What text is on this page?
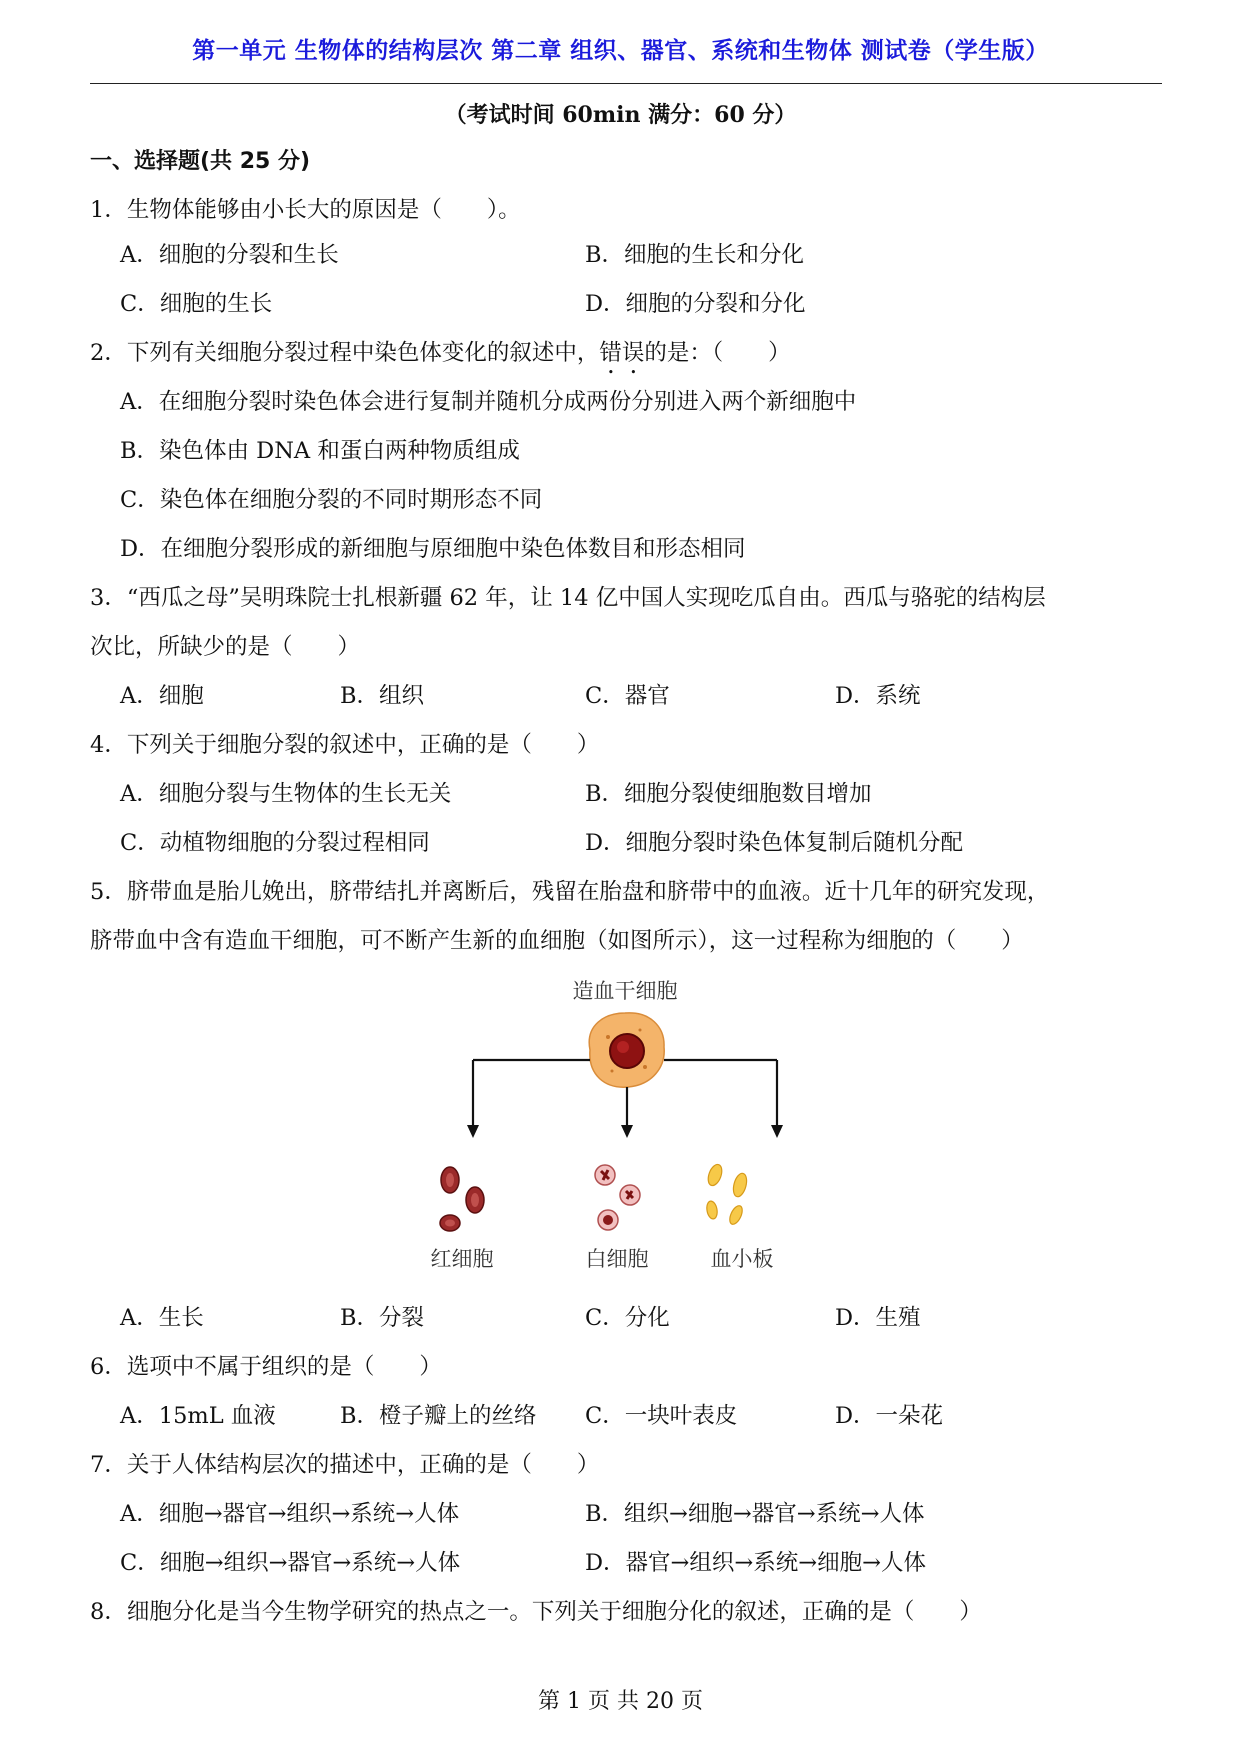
第一单元 生物体的结构层次 第二章 组织、器官、系统和生物体 测试卷（学生版）
（考试时间 60min 满分：60 分）
一、选择题(共 25 分)
1．生物体能够由小长大的原因是（　　）。
A．细胞的分裂和生长	B．细胞的生长和分化
C．细胞的生长	D．细胞的分裂和分化
2．下列有关细胞分裂过程中染色体变化的叙述中，错误的是：（　　）
A．在细胞分裂时染色体会进行复制并随机分成两份分别进入两个新细胞中
B．染色体由 DNA 和蛋白两种物质组成
C．染色体在细胞分裂的不同时期形态不同
D．在细胞分裂形成的新细胞与原细胞中染色体数目和形态相同
3．“西瓜之母”吴明珠院士扎根新疆 62 年，让 14 亿中国人实现吃瓜自由。西瓜与骆驼的结构层
次比，所缺少的是（　　）
A．细胞	B．组织	C．器官	D．系统
4．下列关于细胞分裂的叙述中，正确的是（　　）
A．细胞分裂与生物体的生长无关	B．细胞分裂使细胞数目增加
C．动植物细胞的分裂过程相同	D．细胞分裂时染色体复制后随机分配
5．脐带血是胎儿娩出，脐带结扎并离断后，残留在胎盘和脐带中的血液。近十几年的研究发现，
脐带血中含有造血干细胞，可不断产生新的血细胞（如图所示），这一过程称为细胞的（　　）
造血干细胞
红细胞	白细胞	血小板
A．生长	B．分裂	C．分化	D．生殖
6．选项中不属于组织的是（　　）
A．15mL 血液	B．橙子瓣上的丝络 C．一块叶表皮	D．一朵花
7．关于人体结构层次的描述中，正确的是（　　）
A．细胞→器官→组织→系统→人体	B．组织→细胞→器官→系统→人体
C．细胞→组织→器官→系统→人体	D．器官→组织→系统→细胞→人体
8．细胞分化是当今生物学研究的热点之一。下列关于细胞分化的叙述，正确的是（　　）
第 1 页 共 20 页
